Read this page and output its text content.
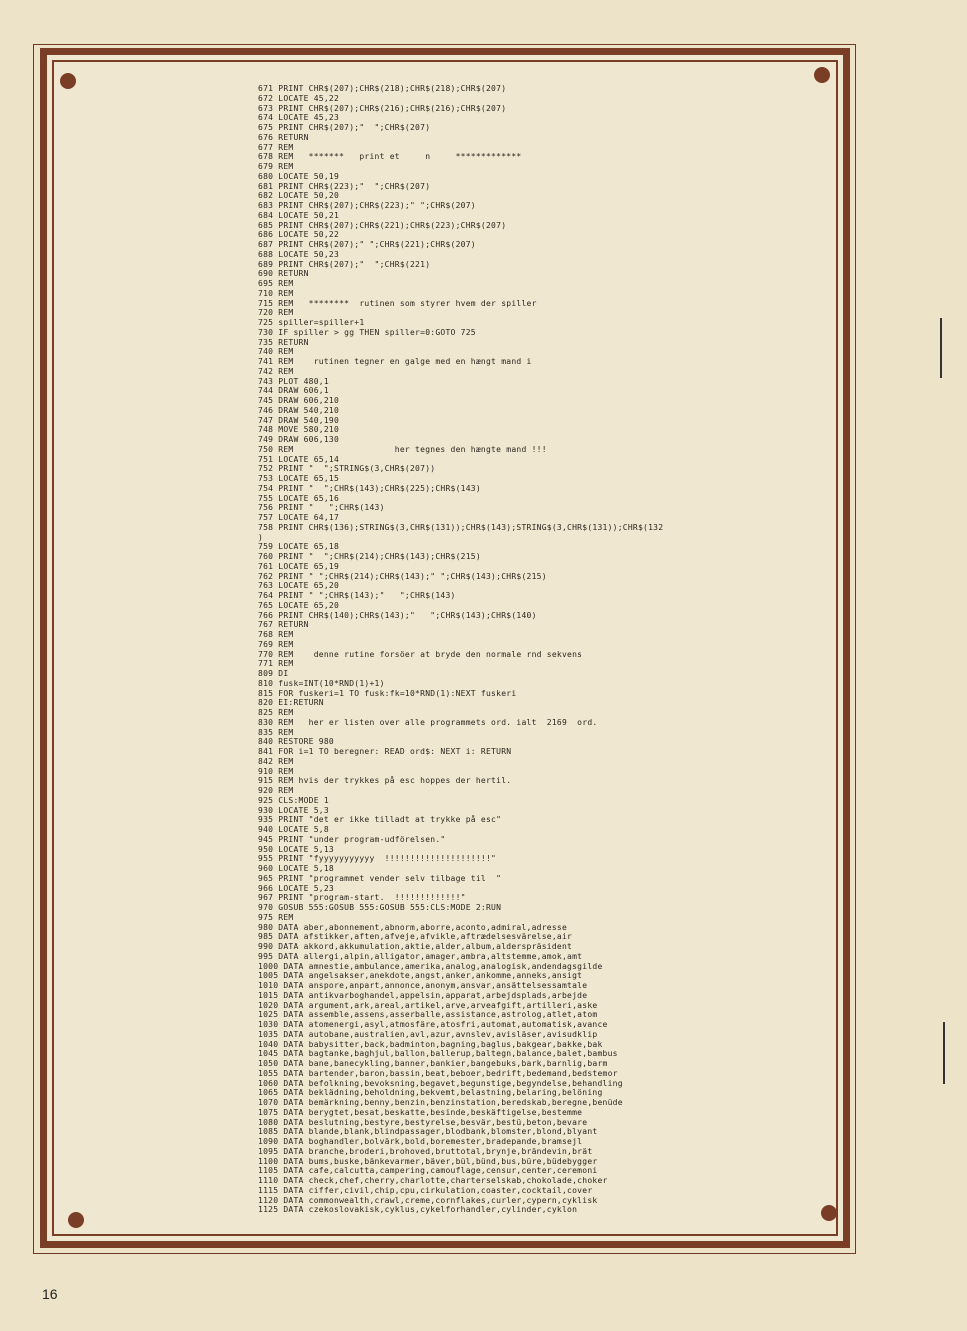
671 PRINT CHR$(207);CHR$(218);CHR$(218);CHR$(207)
672 LOCATE 45,22
673 PRINT CHR$(207);CHR$(216);CHR$(216);CHR$(207)
674 LOCATE 45,23
675 PRINT CHR$(207);"  ";CHR$(207)
676 RETURN
677 REM
678 REM   *******   print et     n     *************
679 REM
680 LOCATE 50,19
681 PRINT CHR$(223);"  ";CHR$(207)
682 LOCATE 50,20
683 PRINT CHR$(207);CHR$(223);" ";CHR$(207)
684 LOCATE 50,21
685 PRINT CHR$(207);CHR$(221);CHR$(223);CHR$(207)
686 LOCATE 50,22
687 PRINT CHR$(207);" ";CHR$(221);CHR$(207)
688 LOCATE 50,23
689 PRINT CHR$(207);"  ";CHR$(221)
690 RETURN
695 REM
710 REM
715 REM   ********  rutinen som styrer hvem der spiller
720 REM
725 spiller=spiller+1
730 IF spiller > gg THEN spiller=0:GOTO 725
735 RETURN
740 REM
741 REM    rutinen tegner en galge med en hængt mand i
742 REM
743 PLOT 480,1
744 DRAW 606,1
745 DRAW 606,210
746 DRAW 540,210
747 DRAW 540,190
748 MOVE 580,210
749 DRAW 606,130
750 REM                    her tegnes den hængte mand !!!
751 LOCATE 65,14
752 PRINT "  ";STRING$(3,CHR$(207))
753 LOCATE 65,15
754 PRINT "  ";CHR$(143);CHR$(225);CHR$(143)
755 LOCATE 65,16
756 PRINT "   ";CHR$(143)
757 LOCATE 64,17
758 PRINT CHR$(136);STRING$(3,CHR$(131));CHR$(143);STRING$(3,CHR$(131));CHR$(132
)
759 LOCATE 65,18
760 PRINT "  ";CHR$(214);CHR$(143);CHR$(215)
761 LOCATE 65,19
762 PRINT " ";CHR$(214);CHR$(143);" ";CHR$(143);CHR$(215)
763 LOCATE 65,20
764 PRINT " ";CHR$(143);"   ";CHR$(143)
765 LOCATE 65,20
766 PRINT CHR$(140);CHR$(143);"   ";CHR$(143);CHR$(140)
767 RETURN
768 REM
769 REM
770 REM    denne rutine forsöer at bryde den normale rnd sekvens
771 REM
809 DI
810 fusk=INT(10*RND(1)+1)
815 FOR fuskeri=1 TO fusk:fk=10*RND(1):NEXT fuskeri
820 EI:RETURN
825 REM
830 REM   her er listen over alle programmets ord. ialt  2169  ord.
835 REM
840 RESTORE 980
841 FOR i=1 TO beregner: READ ord$: NEXT i: RETURN
842 REM
910 REM
915 REM hvis der trykkes på esc hoppes der hertil.
920 REM
925 CLS:MODE 1
930 LOCATE 5,3
935 PRINT "det er ikke tilladt at trykke på esc"
940 LOCATE 5,8
945 PRINT "under program-udförelsen."
950 LOCATE 5,13
955 PRINT "fyyyyyyyyyyy  !!!!!!!!!!!!!!!!!!!!!"
960 LOCATE 5,18
965 PRINT "programmet vender selv tilbage til  "
966 LOCATE 5,23
967 PRINT "program-start.  !!!!!!!!!!!!!"
970 GOSUB 555:GOSUB 555:GOSUB 555:CLS:MODE 2:RUN
975 REM
980 DATA aber,abonnement,abnorm,aborre,aconto,admiral,adresse
985 DATA afstikker,aften,afveje,afvikle,aftrædelsesvärelse,air
990 DATA akkord,akkumulation,aktie,alder,album,alderspräsident
995 DATA allergi,alpin,alligator,amager,ambra,altstemme,amok,amt
1000 DATA amnestie,ambulance,amerika,analog,analogisk,andendagsgilde
1005 DATA angelsakser,anekdote,angst,anker,ankomme,anneks,ansigt
1010 DATA anspore,anpart,annonce,anonym,ansvar,ansättelsessamtale
1015 DATA antikvarboghandel,appelsin,apparat,arbejdsplads,arbejde
1020 DATA argument,ark,areal,artikel,arve,arveafgift,artilleri,aske
1025 DATA assemble,assens,asserballe,assistance,astrolog,atlet,atom
1030 DATA atomenergi,asyl,atmosfäre,atosfri,automat,automatisk,avance
1035 DATA autobane,australien,avl,azur,avnslev,avisläser,avisudklip
1040 DATA babysitter,back,badminton,bagning,baglus,bakgear,bakke,bak
1045 DATA bagtanke,baghjul,ballon,ballerup,baltegn,balance,balet,bambus
1050 DATA bane,banecykling,banner,bankier,bangebuks,bark,barnlig,barm
1055 DATA bartender,baron,bassin,beat,beboer,bedrift,bedemand,bedstemor
1060 DATA befolkning,bevoksning,begavet,begunstige,begyndelse,behandling
1065 DATA beklädning,beholdning,bekvemt,belastning,belaring,belöning
1070 DATA bemärkning,benny,benzin,benzinstation,beredskab,beregne,benüde
1075 DATA berygtet,besat,beskatte,besinde,beskäftigelse,bestemme
1080 DATA beslutning,bestyre,bestyrelse,besvär,bestü,beton,bevare
1085 DATA blande,blank,blindpassager,blodbank,blomster,blond,blyant
1090 DATA boghandler,bolvärk,bold,boremester,bradepande,bramsejl
1095 DATA branche,broderi,brohoved,bruttotal,brynje,brändevin,brät
1100 DATA bums,buske,bänkevarmer,bäver,bül,bünd,bus,büre,büdebygger
1105 DATA cafe,calcutta,campering,camouflage,censur,center,ceremoni
1110 DATA check,chef,cherry,charlotte,charterselskab,chokolade,choker
1115 DATA ciffer,civil,chip,cpu,cirkulation,coaster,cocktail,cover
1120 DATA commonwealth,crawl,creme,cornflakes,curler,cypern,cyklisk
1125 DATA czekoslovakisk,cyklus,cykelforhandler,cylinder,cyklon
16
